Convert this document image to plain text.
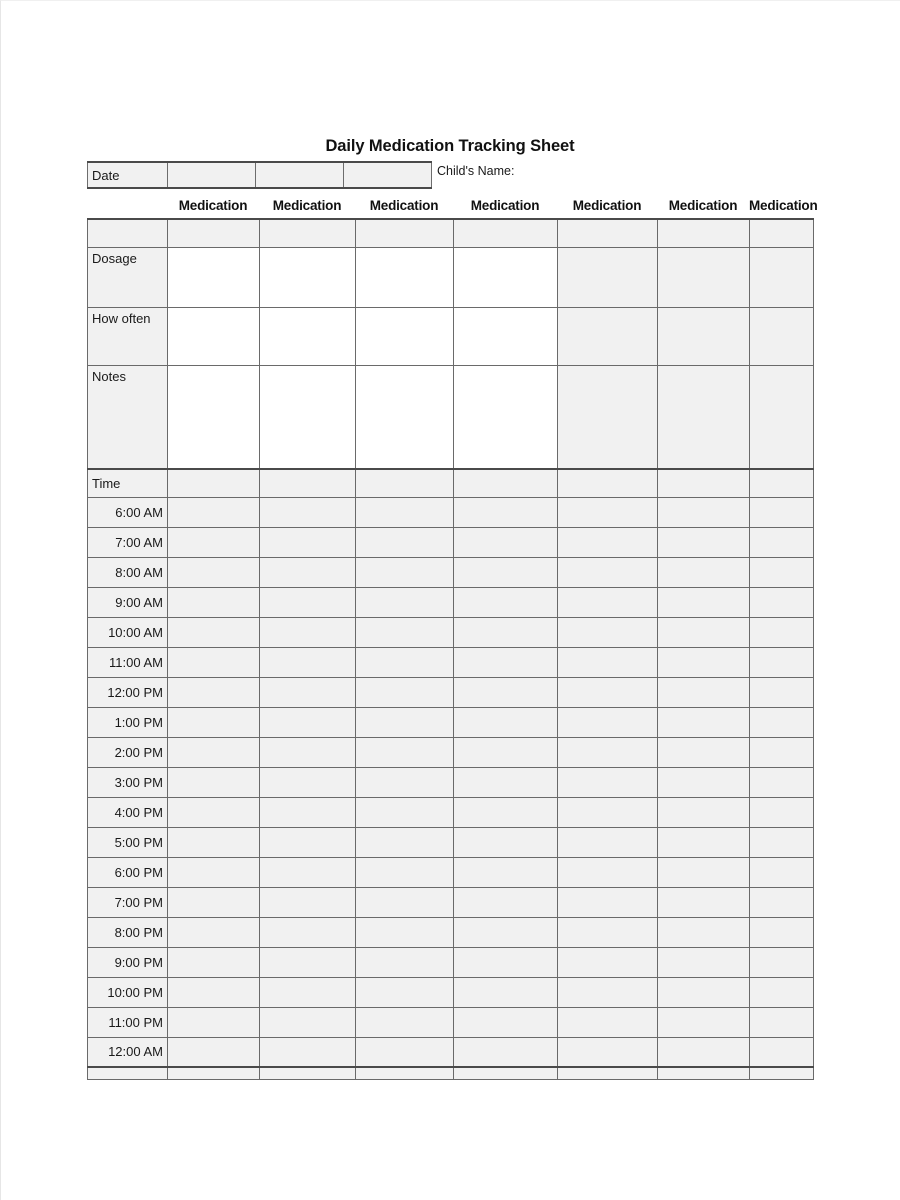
Daily Medication Tracking Sheet
Date				Child's Name:
	Medication	Medication	Medication	Medication	Medication	Medication	Medication

Dosage							
How often							
Notes							
Time							
6:00 AM							
7:00 AM							
8:00 AM							
9:00 AM							
10:00 AM							
11:00 AM							
12:00 PM							
1:00 PM							
2:00 PM							
3:00 PM							
4:00 PM							
5:00 PM							
6:00 PM							
7:00 PM							
8:00 PM							
9:00 PM							
10:00 PM							
11:00 PM							
12:00 AM							
